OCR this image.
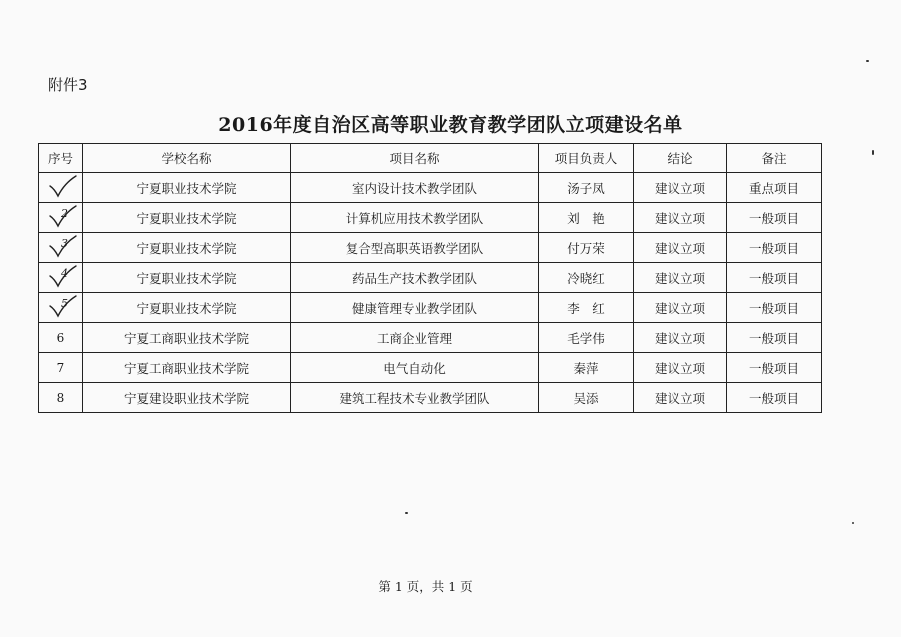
附件3
2016年度自治区高等职业教育教学团队立项建设名单
序号	学校名称	项目名称	项目负责人	结论	备注

	宁夏职业技术学院	室内设计技术教学团队	汤子凤	建议立项	重点项目

2	宁夏职业技术学院	计算机应用技术教学团队	刘　艳	建议立项	一般项目

3	宁夏职业技术学院	复合型高职英语教学团队	付万荣	建议立项	一般项目

4	宁夏职业技术学院	药品生产技术教学团队	冷晓红	建议立项	一般项目

5	宁夏职业技术学院	健康管理专业教学团队	李　红	建议立项	一般项目
6	宁夏工商职业技术学院	工商企业管理	毛学伟	建议立项	一般项目
7	宁夏工商职业技术学院	电气自动化	秦萍	建议立项	一般项目
8	宁夏建设职业技术学院	建筑工程技术专业教学团队	吴添	建议立项	一般项目
第 1 页，共 1 页
